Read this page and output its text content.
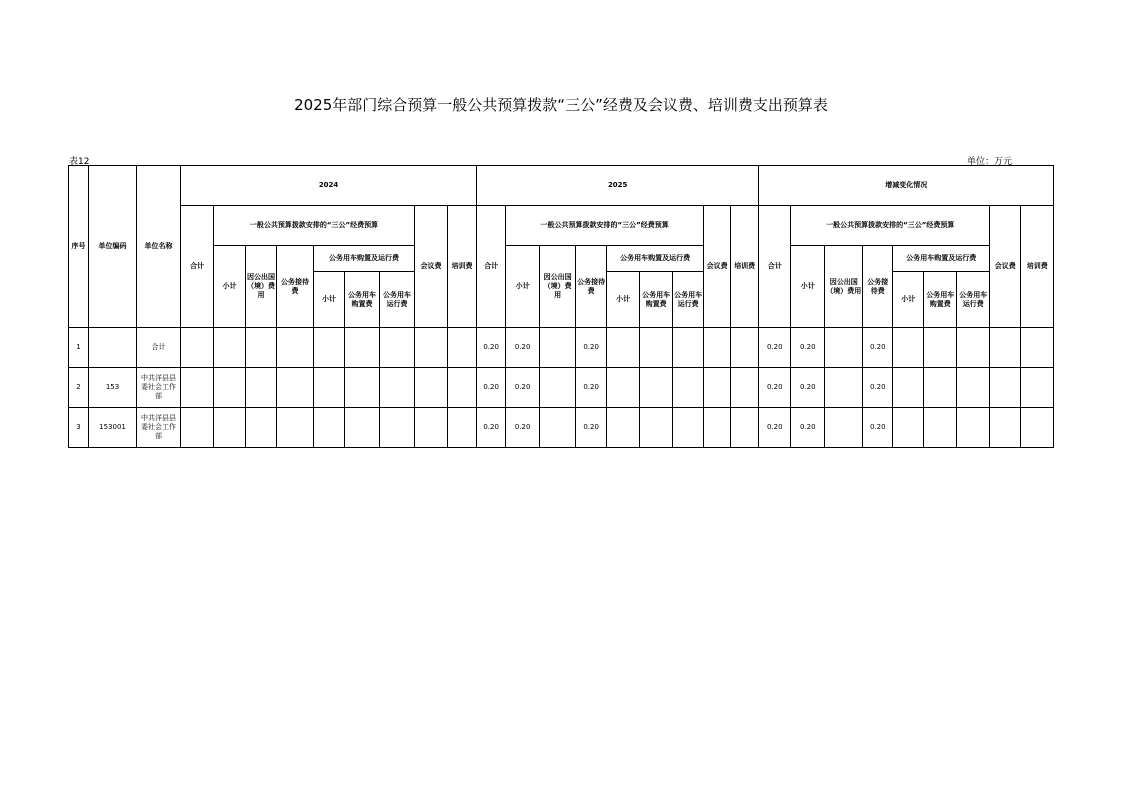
2025年部门综合预算一般公共预算拨款“三公”经费及会议费、培训费支出预算表
表12	单位：万元
序号	单位编码	单位名称	2024									2025									增减变化情况								
			合计	一般公共预算拨款安排的“三公”经费预算						会议费	培训费	合计	一般公共预算拨款安排的“三公”经费预算						会议费	培训费	合计	一般公共预算拨款安排的“三公”经费预算						会议费	培训费
				小计	因公出国（境）费用	公务接待费	公务用车购置及运行费						小计	因公出国（境）费用	公务接待费	公务用车购置及运行费						小计	因公出国（境）费用	公务接待费	公务用车购置及运行费				
							小计	公务用车购置费	公务用车运行费							小计	公务用车购置费	公务用车运行费							小计	公务用车购置费	公务用车运行费		

1		合计										0.20	0.20		0.20						0.20	0.20		0.20					
2	153	中共洋县县委社会工作部										0.20	0.20		0.20						0.20	0.20		0.20					
3	153001	中共洋县县委社会工作部										0.20	0.20		0.20						0.20	0.20		0.20					
